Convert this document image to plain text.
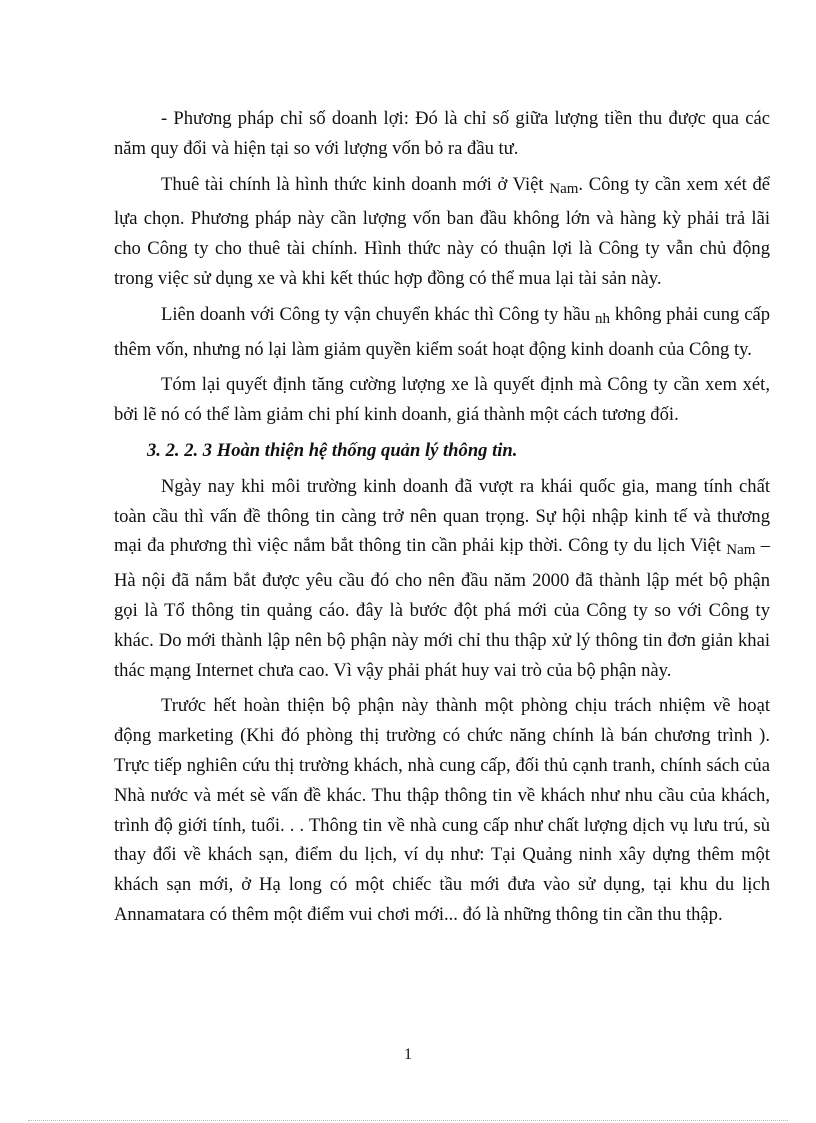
- Phương pháp chỉ số doanh lợi: Đó là chỉ số giữa lượng tiền thu được qua các năm quy đổi và hiện tại so với lượng vốn bỏ ra đầu tư.

Thuê tài chính là hình thức kinh doanh mới ở Việt $_{Nam}$. Công ty cần xem xét để lựa chọn. Phương pháp này cần lượng vốn ban đầu không lớn và hàng kỳ phải trả lãi cho Công ty cho thuê tài chính. Hình thức này có thuận lợi là Công ty vẫn chủ động trong việc sử dụng xe và khi kết thúc hợp đồng có thể mua lại tài sản này.

Liên doanh với Công ty vận chuyển khác thì Công ty hầu $_{nh}$ không phải cung cấp thêm vốn, nhưng nó lại làm giảm quyền kiểm soát hoạt động kinh doanh của Công ty.

Tóm lại quyết định tăng cường lượng xe là quyết định mà Công ty cần xem xét, bởi lẽ nó có thể làm giảm chi phí kinh doanh, giá thành một cách tương đối.

3. 2. 2. 3 Hoàn thiện hệ thống quản lý thông tin.

Ngày nay khi môi trường kinh doanh đã vượt ra khái quốc gia, mang tính chất toàn cầu thì vấn đề thông tin càng trở nên quan trọng. Sự hội nhập kinh tế và thương mại đa phương thì việc nắm bắt thông tin cần phải kịp thời. Công ty du lịch Việt $_{Nam}$ – Hà nội đã nắm bắt được yêu cầu đó cho nên đầu năm 2000 đã thành lập mét bộ phận gọi là Tổ thông tin quảng cáo. đây là bước đột phá mới của Công ty so với Công ty khác. Do mới thành lập nên bộ phận này mới chỉ thu thập xử lý thông tin đơn giản khai thác mạng Internet chưa cao. Vì vậy phải phát huy vai trò của bộ phận này.

Trước hết hoàn thiện bộ phận này thành một phòng chịu trách nhiệm về hoạt động marketing (Khi đó phòng thị trường có chức năng chính là bán chương trình ). Trực tiếp nghiên cứu thị trường khách, nhà cung cấp, đối thủ cạnh tranh, chính sách của Nhà nước và mét sè vấn đề khác. Thu thập thông tin về khách như nhu cầu của khách, trình độ giới tính, tuổi. . . Thông tin về nhà cung cấp như chất lượng dịch vụ lưu trú, sù thay đổi về khách sạn, điểm du lịch, ví dụ như: Tại Quảng ninh xây dựng thêm một khách sạn mới, ở Hạ long có một chiếc tầu mới đưa vào sử dụng, tại khu du lịch Annamatara có thêm một điểm vui chơi mới... đó là những thông tin cần thu thập.

1
